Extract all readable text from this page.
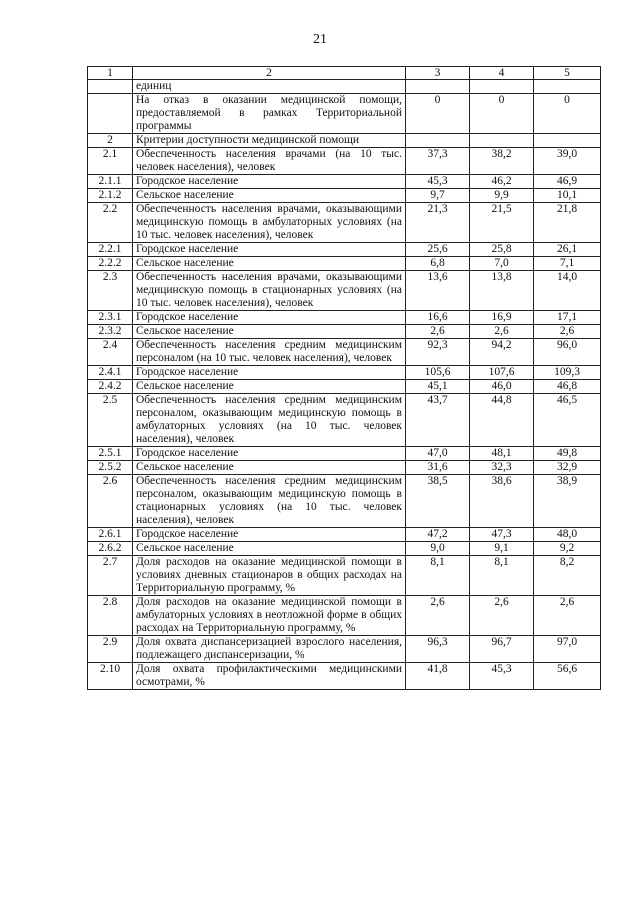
21
1	2	3	4	5
	единиц			
	На отказ в оказании медицинской помощи, предоставляемой в рамках Территориальной программы	0	0	0
2	Критерии доступности медицинской помощи			
2.1	Обеспеченность населения врачами (на 10 тыс. человек населения), человек	37,3	38,2	39,0
2.1.1	Городское население	45,3	46,2	46,9
2.1.2	Сельское население	9,7	9,9	10,1
2.2	Обеспеченность населения врачами, оказывающими медицинскую помощь в амбулаторных условиях (на 10 тыс. человек населения), человек	21,3	21,5	21,8
2.2.1	Городское население	25,6	25,8	26,1
2.2.2	Сельское население	6,8	7,0	7,1
2.3	Обеспеченность населения врачами, оказывающими медицинскую помощь в стационарных условиях (на 10 тыс. человек населения), человек	13,6	13,8	14,0
2.3.1	Городское население	16,6	16,9	17,1
2.3.2	Сельское население	2,6	2,6	2,6
2.4	Обеспеченность населения средним медицинским персоналом (на 10 тыс. человек населения), человек	92,3	94,2	96,0
2.4.1	Городское население	105,6	107,6	109,3
2.4.2	Сельское население	45,1	46,0	46,8
2.5	Обеспеченность населения средним медицинским персоналом, оказывающим медицинскую помощь в амбулаторных условиях (на 10 тыс. человек населения), человек	43,7	44,8	46,5
2.5.1	Городское население	47,0	48,1	49,8
2.5.2	Сельское население	31,6	32,3	32,9
2.6	Обеспеченность населения средним медицинским персоналом, оказывающим медицинскую помощь в стационарных условиях (на 10 тыс. человек населения), человек	38,5	38,6	38,9
2.6.1	Городское население	47,2	47,3	48,0
2.6.2	Сельское население	9,0	9,1	9,2
2.7	Доля расходов на оказание медицинской помощи в условиях дневных стационаров в общих расходах на Территориальную программу, %	8,1	8,1	8,2
2.8	Доля расходов на оказание медицинской помощи в амбулаторных условиях в неотложной форме в общих расходах на Территориальную программу, %	2,6	2,6	2,6
2.9	Доля охвата диспансеризацией взрослого населения, подлежащего диспансеризации, %	96,3	96,7	97,0
2.10	Доля охвата профилактическими медицинскими осмотрами, %	41,8	45,3	56,6
